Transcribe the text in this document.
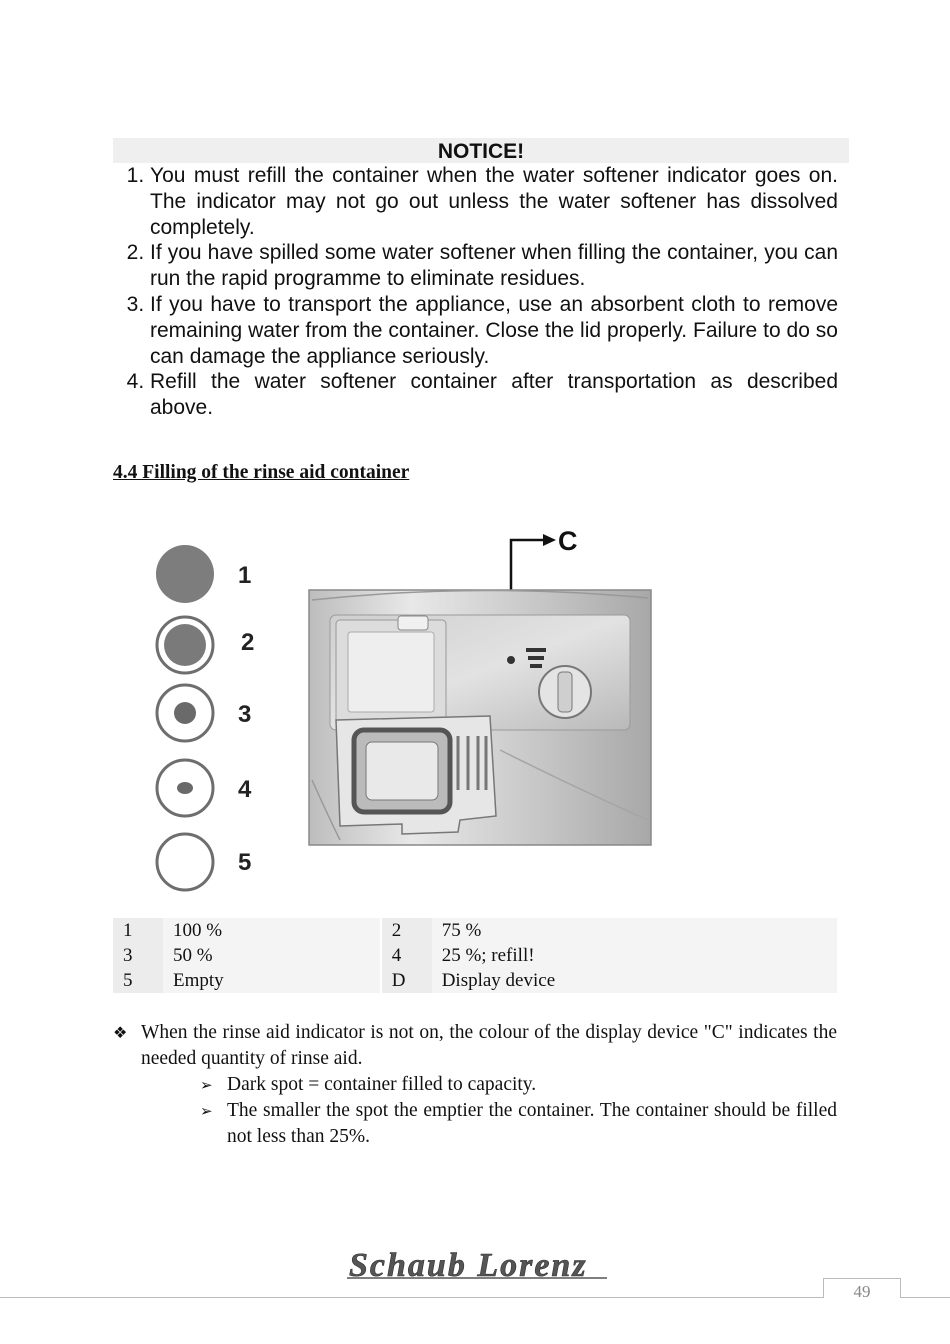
NOTICE!
1. You must refill the container when the water softener indicator goes on. The indicator may not go out unless the water softener has dissolved completely.
2. If you have spilled some water softener when filling the container, you can run the rapid programme to eliminate residues.
3. If you have to transport the appliance, use an absorbent cloth to remove remaining water from the container. Close the lid properly. Failure to do so can damage the appliance seriously.
4. Refill the water softener container after transportation as described above.
4.4 Filling of the rinse aid container
1
2
3
4
5
C
1	100 %	2	75 %
3	50 %	4	25 %; refill!
5	Empty	D	Display device
❖ When the rinse aid indicator is not on, the colour of the display device "C" indicates the needed quantity of rinse aid.
➢ Dark spot = container filled to capacity.
➢ The smaller the spot the emptier the container. The container should be filled not less than 25%.
Schaub Lorenz
49
